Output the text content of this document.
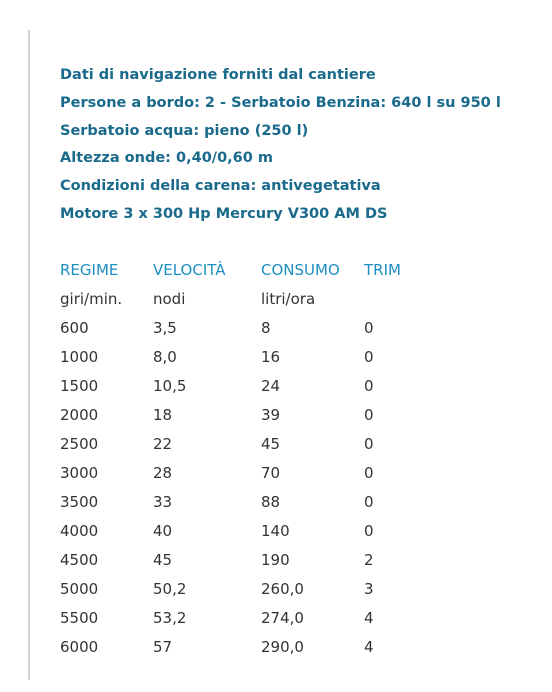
Dati di navigazione forniti dal cantiere
Persone a bordo: 2 - Serbatoio Benzina: 640 l su 950 l
Serbatoio acqua: pieno (250 l)
Altezza onde: 0,40/0,60 m
Condizioni della carena: antivegetativa
Motore 3 x 300 Hp Mercury V300 AM DS
REGIME VELOCITÀ CONSUMO TRIM
giri/min. nodi	litri/ora
600	3,5	8	0
1000	8,0	16	0
1500	10,5	24	0
2000	18	39	0
2500	22	45	0
3000	28	70	0
3500	33	88	0
4000	40	140	0
4500	45	190	2
5000	50,2	260,0	3
5500	53,2	274,0	4
6000	57	290,0	4
